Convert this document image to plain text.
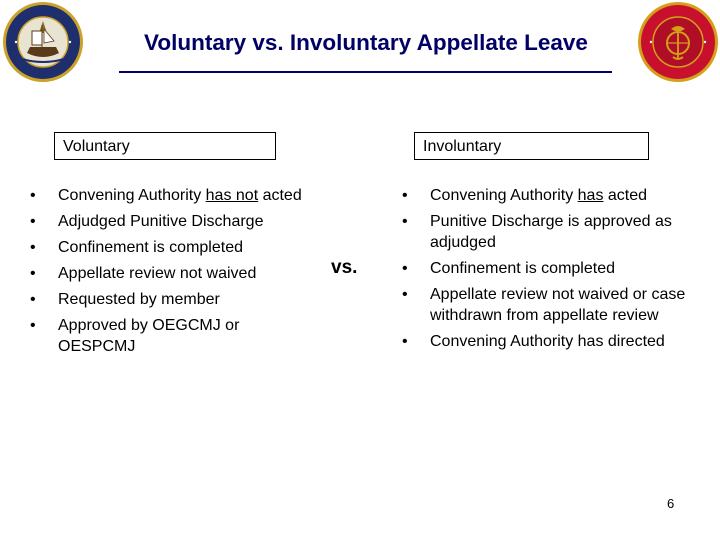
Voluntary vs. Involuntary Appellate Leave
Voluntary	Involuntary
•	Convening Authority has not acted
•	Adjudged Punitive Discharge
•	Confinement is completed
•	Appellate review not waived
•	Requested by member
•	Approved by OEGCMJ or OESPCMJ
vs.
•	Convening Authority has acted
•	Punitive Discharge is approved as adjudged
•	Confinement is completed
•	Appellate review not waived or case withdrawn from appellate review
•	Convening Authority has directed
6
